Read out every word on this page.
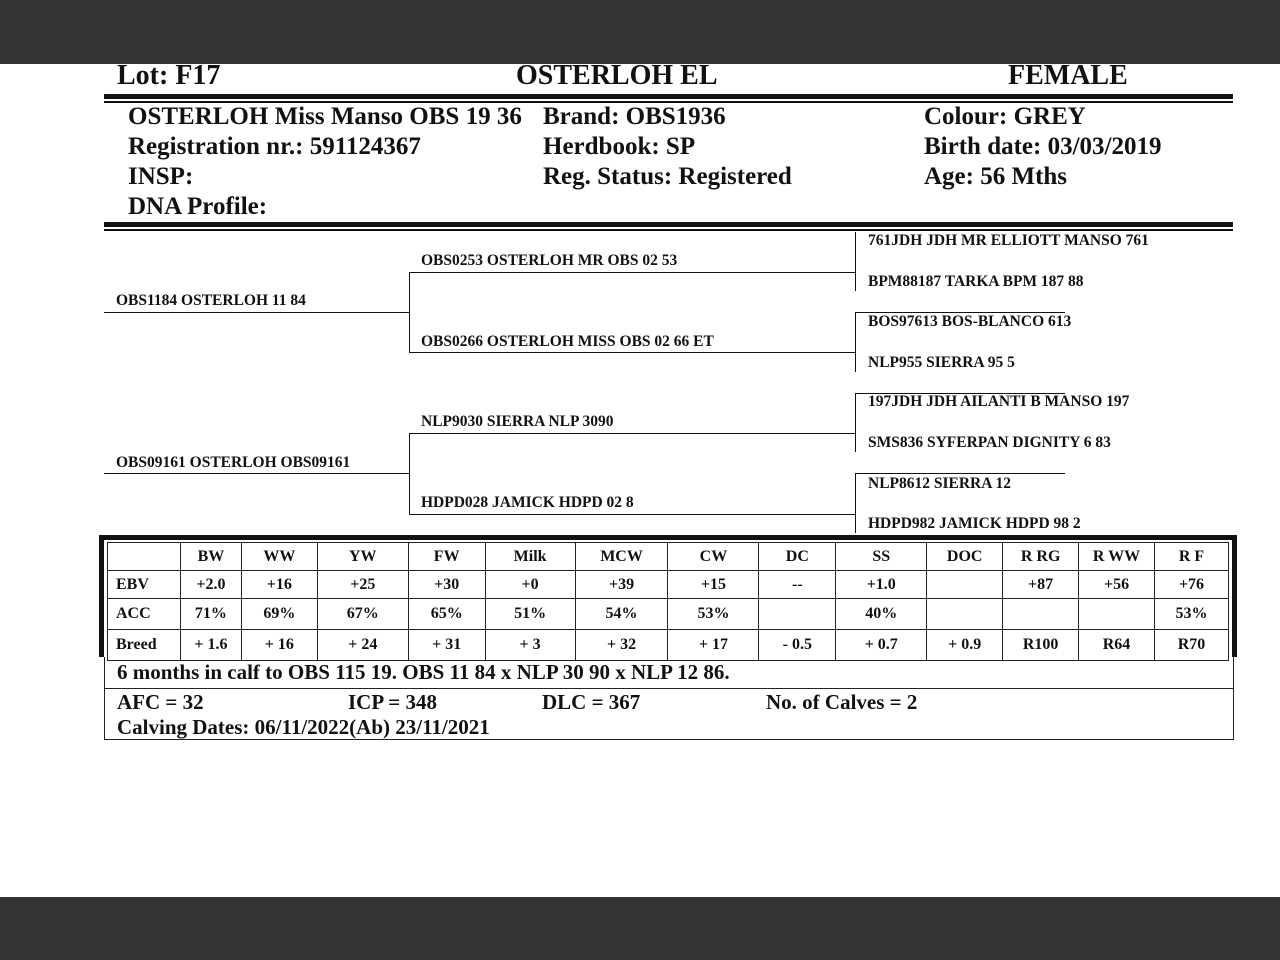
Lot: F17	OSTERLOH EL	FEMALE
OSTERLOH Miss Manso OBS 19 36 Brand: OBS1936	Colour: GREY
Registration nr.: 591124367	Herdbook: SP	Birth date: 03/03/2019
INSP:	Reg. Status: Registered	Age: 56 Mths
DNA Profile:
OBS1184 OSTERLOH 11 84
OBS09161 OSTERLOH OBS09161
OBS0253 OSTERLOH MR OBS 02 53
OBS0266 OSTERLOH MISS OBS 02 66 ET
NLP9030 SIERRA NLP 3090
HDPD028 JAMICK HDPD 02 8
761JDH JDH MR ELLIOTT MANSO 761
BPM88187 TARKA BPM 187 88
BOS97613 BOS-BLANCO 613
NLP955 SIERRA 95 5
197JDH JDH AILANTI B MANSO 197
SMS836 SYFERPAN DIGNITY 6 83
NLP8612 SIERRA 12
HDPD982 JAMICK HDPD 98 2
	BW	WW	YW	FW	Milk	MCW	CW	DC	SS	DOC	R RG	R WW	R F
EBV	+2.0	+16	+25	+30	+0	+39	+15	--	+1.0		+87	+56	+76
ACC	71%	69%	67%	65%	51%	54%	53%		40%				53%
Breed	+ 1.6	+ 16	+ 24	+ 31	+ 3	+ 32	+ 17	- 0.5	+ 0.7	+ 0.9	R100	R64	R70
6 months in calf to OBS 115 19. OBS 11 84 x NLP 30 90 x NLP 12 86.
AFC = 32	ICP = 348	DLC = 367	No. of Calves = 2
Calving Dates: 06/11/2022(Ab) 23/11/2021
